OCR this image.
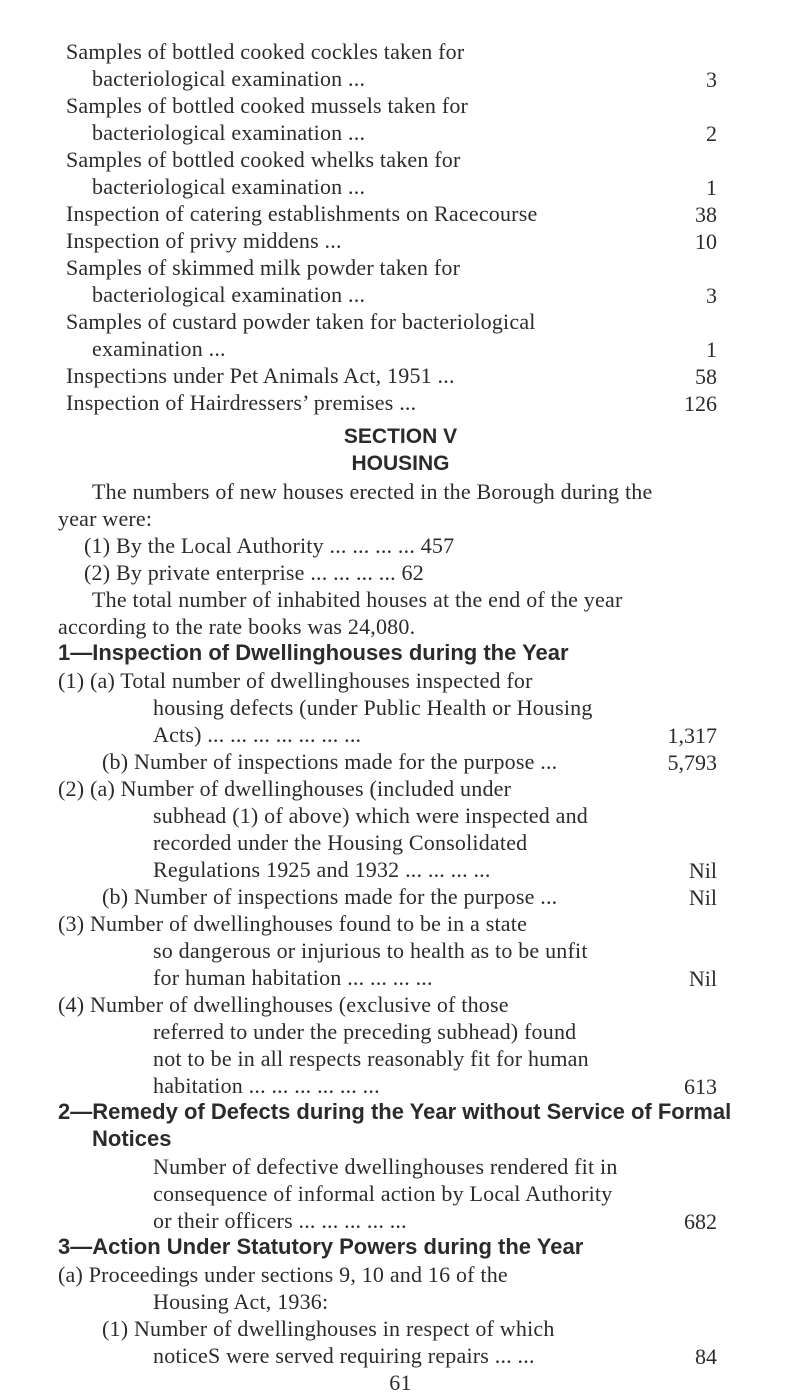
Samples of bottled cooked cockles taken for
bacteriological examination ...	3
Samples of bottled cooked mussels taken for
bacteriological examination ...	2
Samples of bottled cooked whelks taken for
bacteriological examination ...	1
Inspection of catering establishments on Racecourse	38
Inspection of privy middens ...	10
Samples of skimmed milk powder taken for
bacteriological examination ...	3
Samples of custard powder taken for bacteriological
examination ...	1
Inspectiↄns under Pet Animals Act, 1951 ...	58
Inspection of Hairdressers’ premises ...	126
SECTION V
HOUSING
The numbers of new houses erected in the Borough during the
year were:
(1) By the Local Authority ... ... ... ... 457
(2) By private enterprise ... ... ... ... 62
The total number of inhabited houses at the end of the year
according to the rate books was 24,080.
1—Inspection of Dwellinghouses during the Year
(1) (a) Total number of dwellinghouses inspected for
housing defects (under Public Health or Housing
Acts) ... ... ... ... ... ... ...	1,317
(b) Number of inspections made for the purpose ...	5,793
(2) (a) Number of dwellinghouses (included under
subhead (1) of above) which were inspected and
recorded under the Housing Consolidated
Regulations 1925 and 1932 ... ... ... ...	Nil
(b) Number of inspections made for the purpose ...	Nil
(3) Number of dwellinghouses found to be in a state
so dangerous or injurious to health as to be unfit
for human habitation ... ... ... ...	Nil
(4) Number of dwellinghouses (exclusive of those
referred to under the preceding subhead) found
not to be in all respects reasonably fit for human
habitation ... ... ... ... ... ...	613
2—Remedy of Defects during the Year without Service of Formal
Notices
Number of defective dwellinghouses rendered fit in
consequence of informal action by Local Authority
or their officers ... ... ... ... ...	682
3—Action Under Statutory Powers during the Year
(a) Proceedings under sections 9, 10 and 16 of the
Housing Act, 1936:
(1) Number of dwellinghouses in respect of which
noticeS were served requiring repairs ... ...	84
61
